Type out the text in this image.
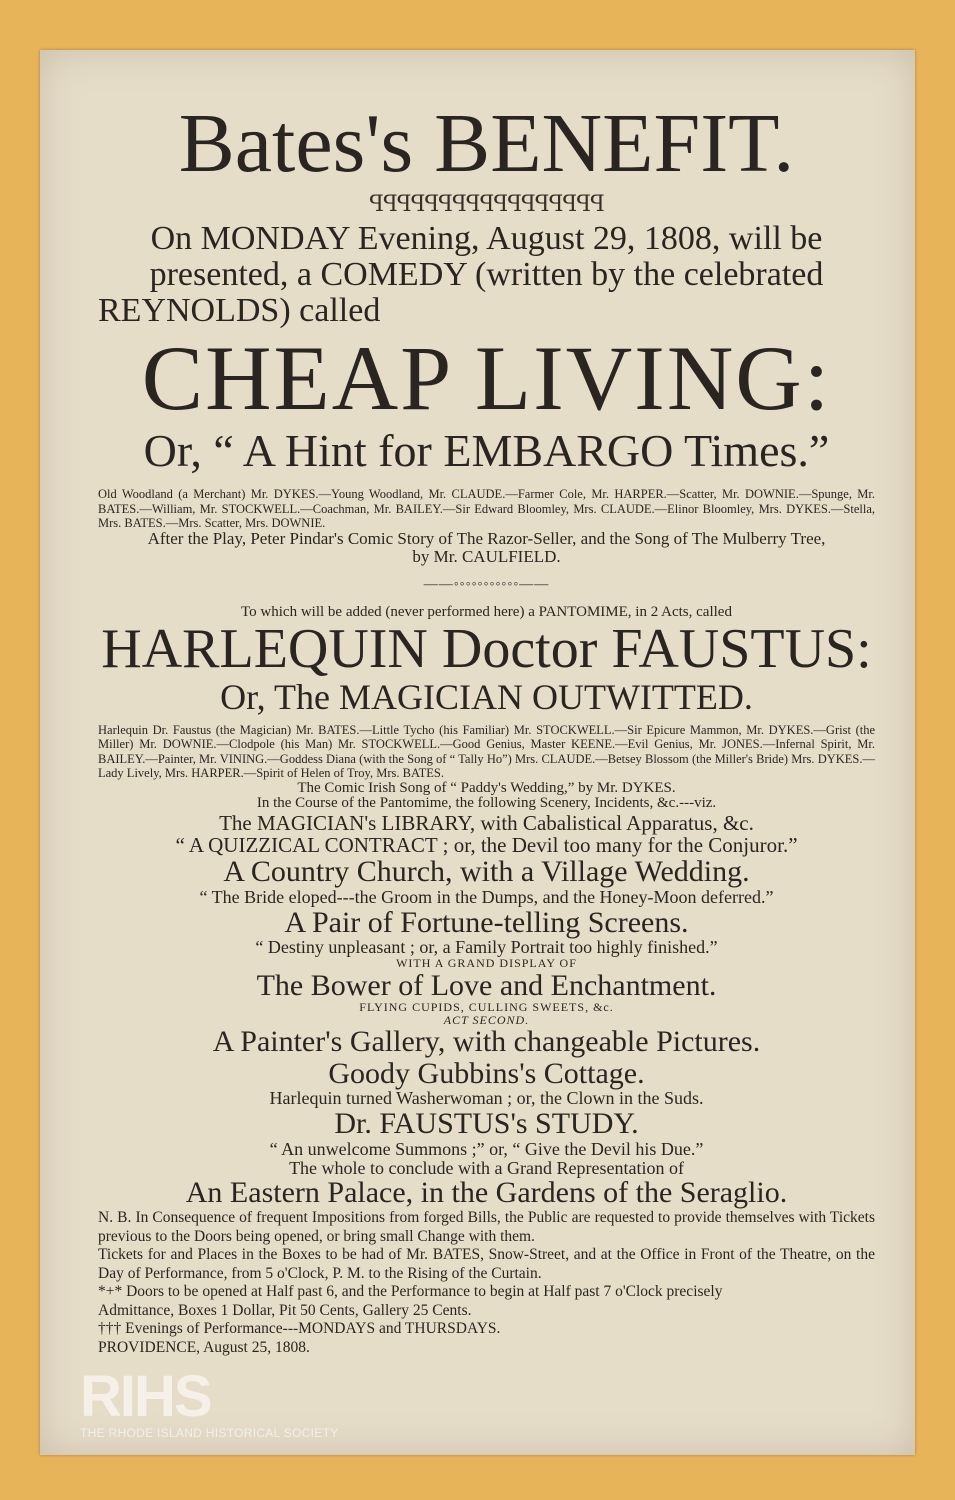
Bates's BENEFIT.

ꟼꟼꟼꟼꟼꟼꟼꟼꟼꟼꟼꟼꟼꟼꟼꟼꟼ

On MONDAY Evening, August 29, 1808, will be

presented, a COMEDY (written by the celebrated

REYNOLDS) called

CHEAP LIVING:

Or, “ A Hint for EMBARGO Times.”

Old Woodland (a Merchant) Mr. DYKES.—Young Woodland, Mr. CLAUDE.—Farmer Cole, Mr. HARPER.—Scatter, Mr. DOWNIE.—Spunge, Mr. BATES.—William, Mr. STOCKWELL.—Coachman, Mr. BAILEY.—Sir Edward Bloomley, Mrs. CLAUDE.—Elinor Bloomley, Mrs. DYKES.—Stella, Mrs. BATES.—Mrs. Scatter, Mrs. DOWNIE.

After the Play, Peter Pindar's Comic Story of The Razor-Seller, and the Song of The Mulberry Tree,

by Mr. CAULFIELD.

——◦◦◦◦◦◦◦◦◦◦◦——

To which will be added (never performed here) a PANTOMIME, in 2 Acts, called

HARLEQUIN Doctor FAUSTUS:

Or, The MAGICIAN OUTWITTED.

Harlequin Dr. Faustus (the Magician) Mr. BATES.—Little Tycho (his Familiar) Mr. STOCKWELL.—Sir Epicure Mammon, Mr. DYKES.—Grist (the Miller) Mr. DOWNIE.—Clodpole (his Man) Mr. STOCKWELL.—Good Genius, Master KEENE.—Evil Genius, Mr. JONES.—Infernal Spirit, Mr. BAILEY.—Painter, Mr. VINING.—Goddess Diana (with the Song of “ Tally Ho”) Mrs. CLAUDE.—Betsey Blossom (the Miller's Bride) Mrs. DYKES.—Lady Lively, Mrs. HARPER.—Spirit of Helen of Troy, Mrs. BATES.

The Comic Irish Song of “ Paddy's Wedding,” by Mr. DYKES.

In the Course of the Pantomime, the following Scenery, Incidents, &c.---viz.

The MAGICIAN's LIBRARY, with Cabalistical Apparatus, &c.

“ A QUIZZICAL CONTRACT ; or, the Devil too many for the Conjuror.”

A Country Church, with a Village Wedding.

“ The Bride eloped---the Groom in the Dumps, and the Honey-Moon deferred.”

A Pair of Fortune-telling Screens.

“ Destiny unpleasant ; or, a Family Portrait too highly finished.”

WITH A GRAND DISPLAY OF

The Bower of Love and Enchantment.

FLYING CUPIDS, CULLING SWEETS, &c.

ACT SECOND.

A Painter's Gallery, with changeable Pictures.

Goody Gubbins's Cottage.

Harlequin turned Washerwoman ; or, the Clown in the Suds.

Dr. FAUSTUS's STUDY.

“ An unwelcome Summons ;” or, “ Give the Devil his Due.”

The whole to conclude with a Grand Representation of

An Eastern Palace, in the Gardens of the Seraglio.

N. B. In Consequence of frequent Impositions from forged Bills, the Public are requested to provide themselves with Tickets previous to the Doors being opened, or bring small Change with them.

Tickets for and Places in the Boxes to be had of Mr. BATES, Snow-Street, and at the Office in Front of the Theatre, on the Day of Performance, from 5 o'Clock, P. M. to the Rising of the Curtain.

*+* Doors to be opened at Half past 6, and the Performance to begin at Half past 7 o'Clock precisely

Admittance, Boxes 1 Dollar, Pit 50 Cents, Gallery 25 Cents.

††† Evenings of Performance---MONDAYS and THURSDAYS.

PROVIDENCE, August 25, 1808.

RIHS
THE RHODE ISLAND HISTORICAL SOCIETY
